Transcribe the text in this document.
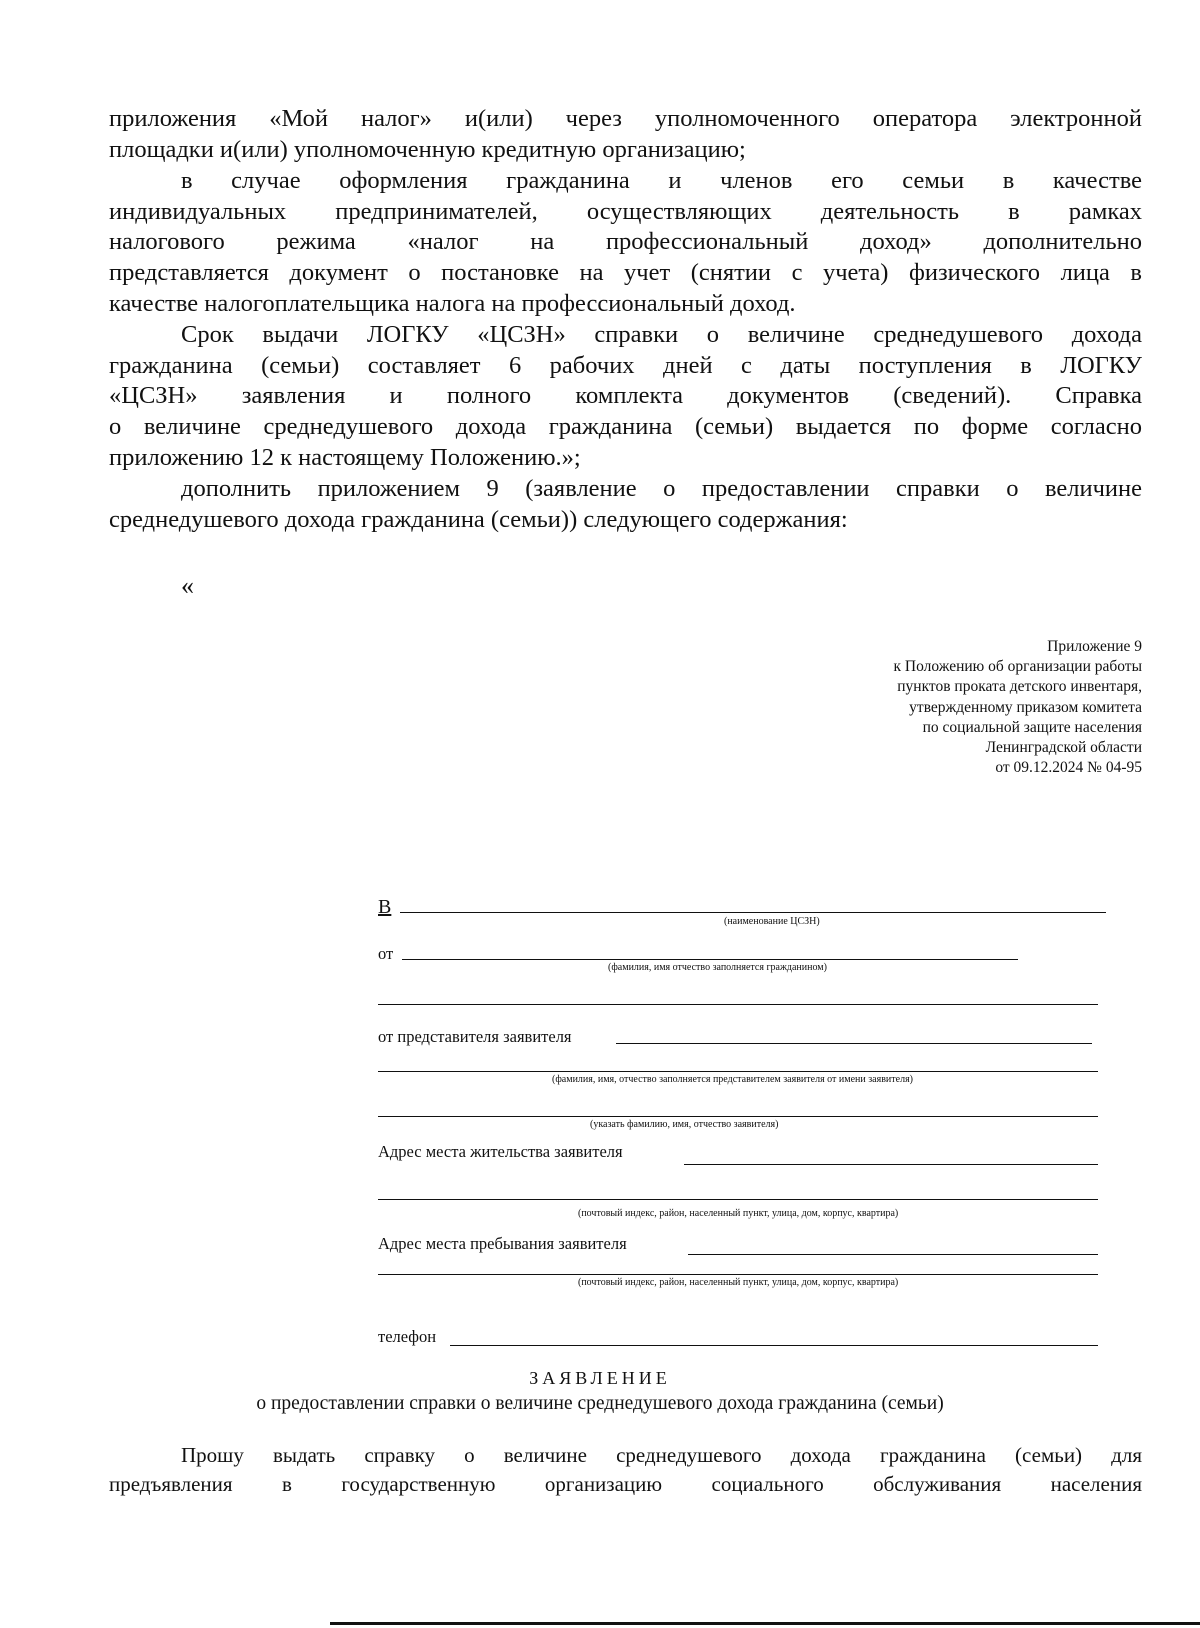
приложения «Мой налог» и(или) через уполномоченного оператора электронной
площадки и(или) уполномоченную кредитную организацию;
в случае оформления гражданина и членов его семьи в качестве
индивидуальных предпринимателей, осуществляющих деятельность в рамках
налогового режима «налог на профессиональный доход» дополнительно
представляется документ о постановке на учет (снятии с учета) физического лица в
качестве налогоплательщика налога на профессиональный доход.
Срок выдачи ЛОГКУ «ЦСЗН» справки о величине среднедушевого дохода
гражданина (семьи) составляет 6 рабочих дней с даты поступления в ЛОГКУ
«ЦСЗН» заявления и полного комплекта документов (сведений). Справка
о величине среднедушевого дохода гражданина (семьи) выдается по форме согласно
приложению 12 к настоящему Положению.»;
дополнить приложением 9 (заявление о предоставлении справки о величине
среднедушевого дохода гражданина (семьи)) следующего содержания:
«
Приложение 9
к Положению об организации работы
пунктов проката детского инвентаря,
утвержденному приказом комитета
по социальной защите населения
Ленинградской области
от 09.12.2024 № 04-95
В
(наименование ЦСЗН)
от
(фамилия, имя отчество заполняется гражданином)
от представителя заявителя
(фамилия, имя, отчество заполняется представителем заявителя от имени заявителя)
(указать фамилию, имя, отчество заявителя)
Адрес места жительства заявителя
(почтовый индекс, район, населенный пункт, улица, дом, корпус, квартира)
Адрес места пребывания заявителя
(почтовый индекс, район, населенный пункт, улица, дом, корпус, квартира)
телефон
ЗАЯВЛЕНИЕ
о предоставлении справки о величине среднедушевого дохода гражданина (семьи)
Прошу выдать справку о величине среднедушевого дохода гражданина (семьи) для
предъявления в государственную организацию социального обслуживания населения
